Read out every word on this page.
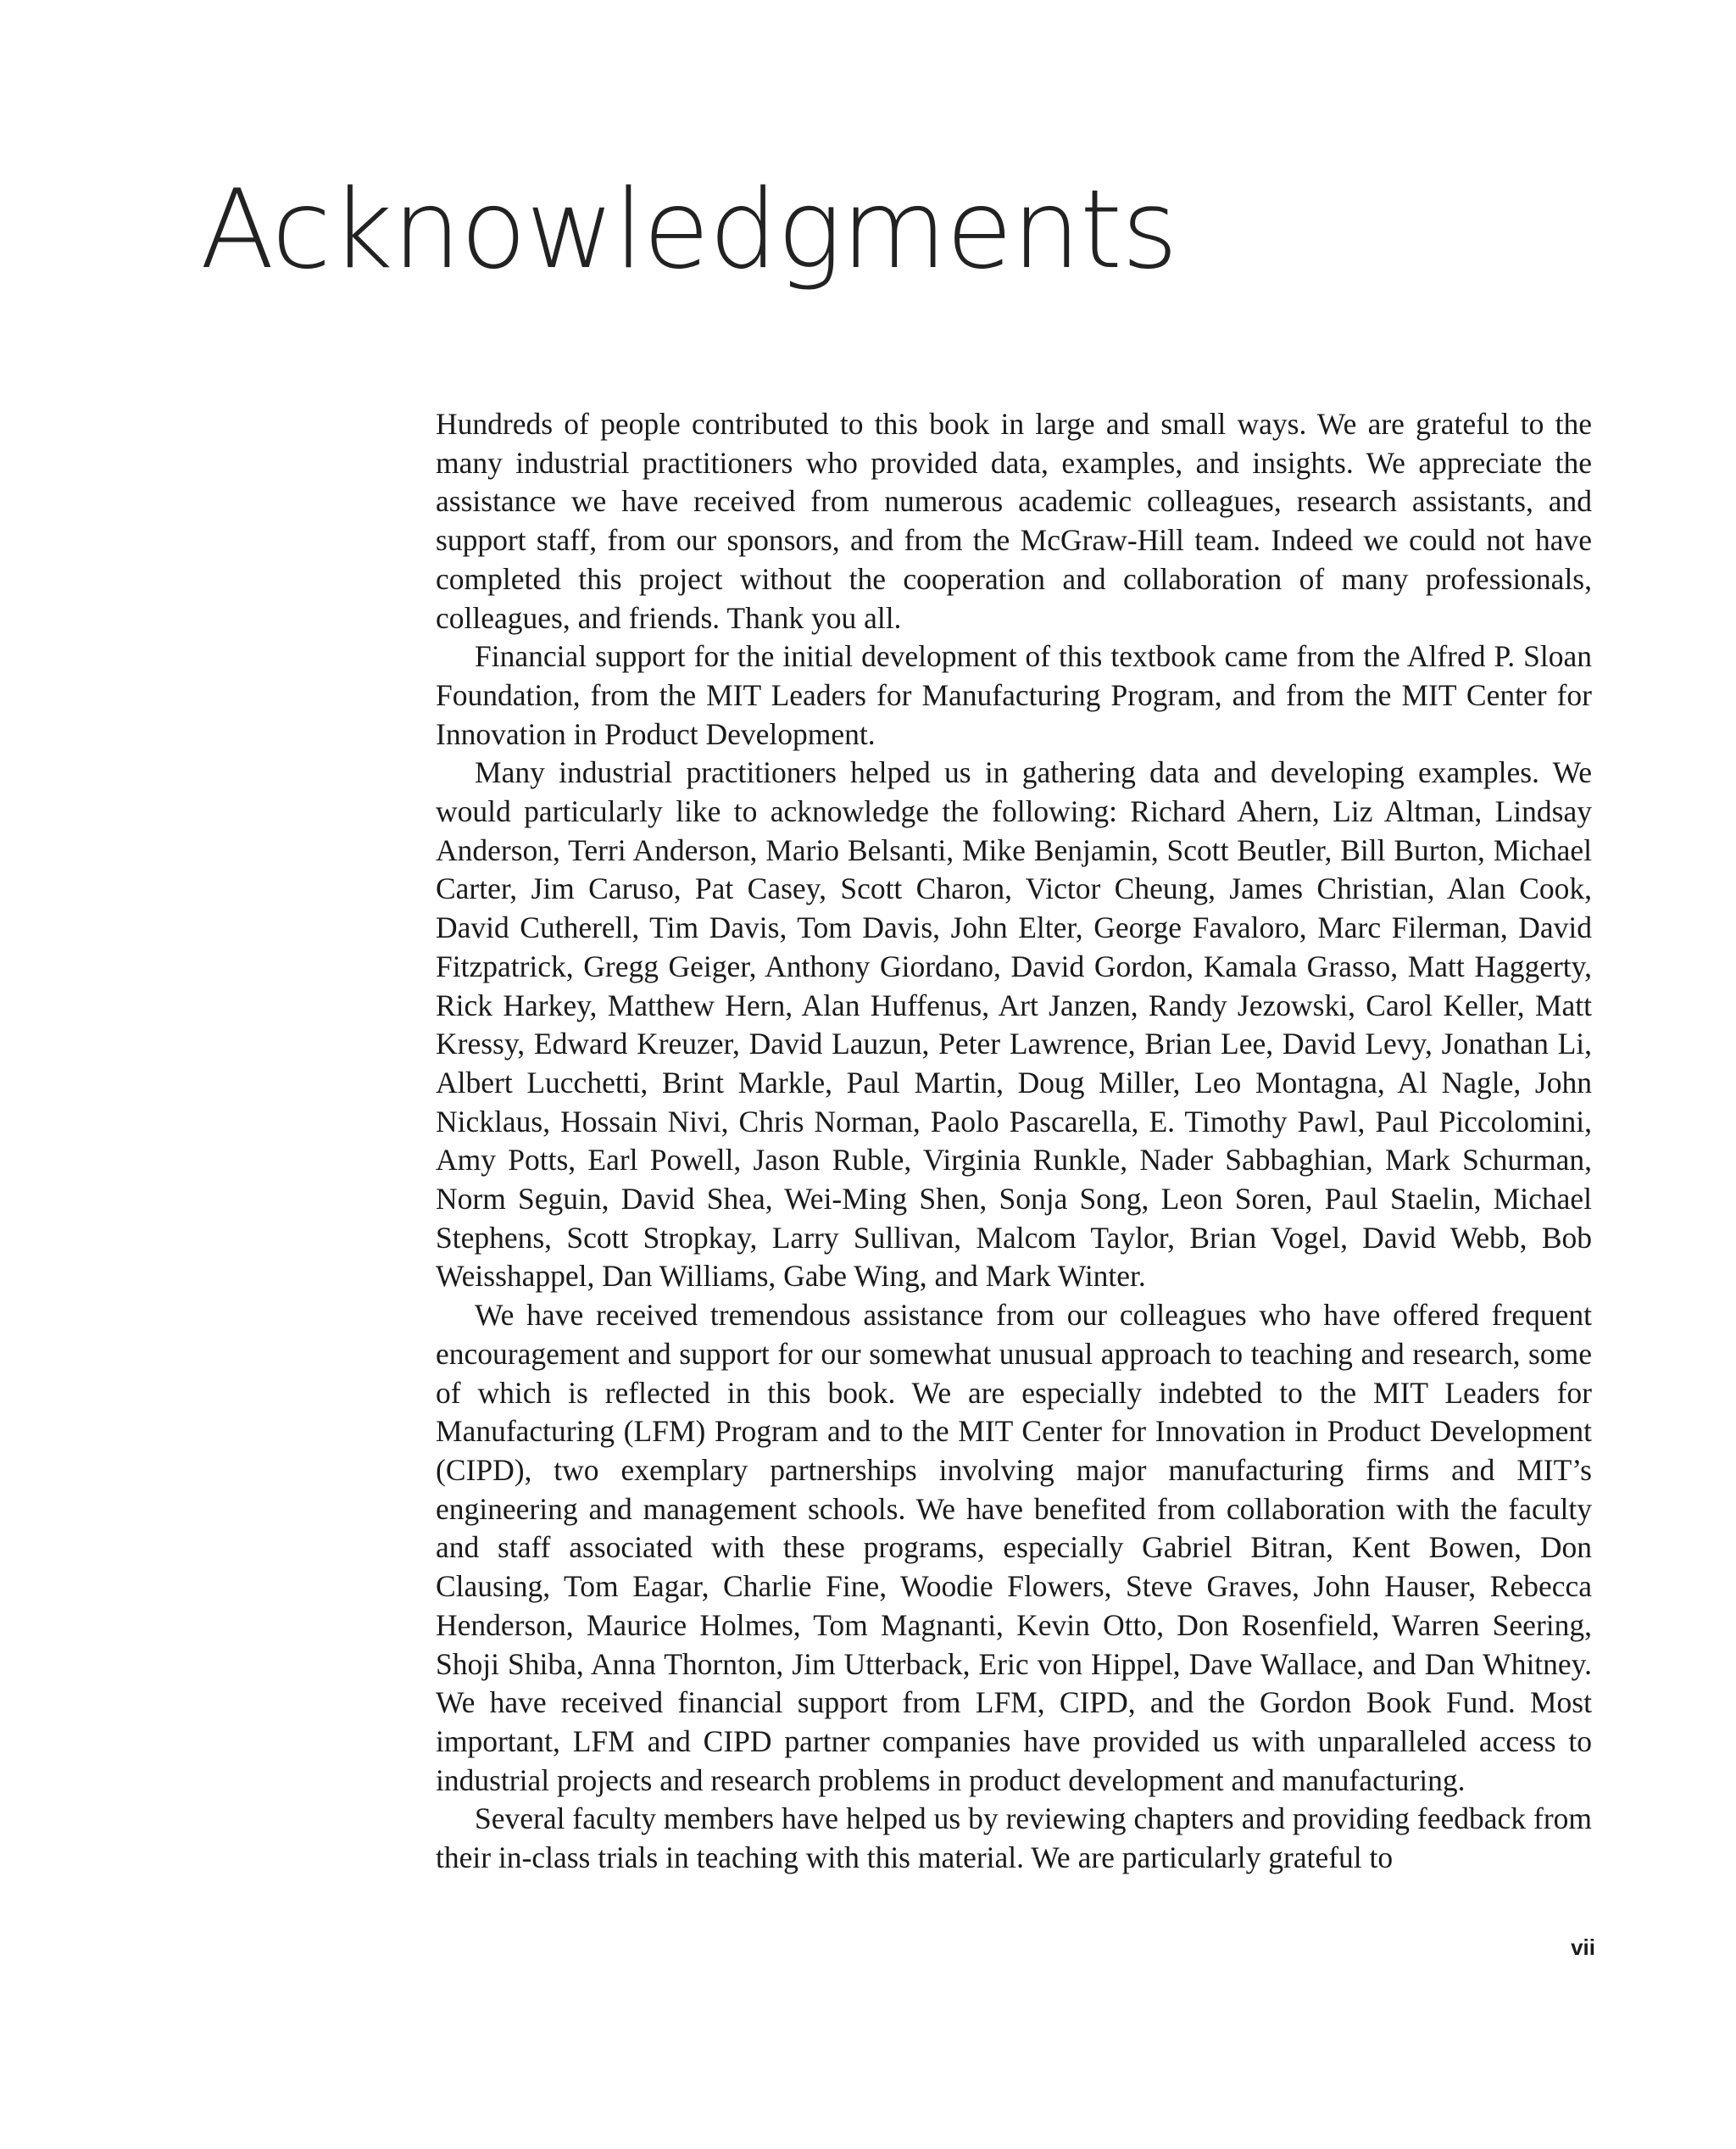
Acknowledgments

Hundreds of people contributed to this book in large and small ways. We are grateful to the many industrial practitioners who provided data, examples, and insights. We appreciate the assistance we have received from numerous academic colleagues, research assistants, and support staff, from our sponsors, and from the McGraw-Hill team. Indeed we could not have completed this project without the cooperation and collaboration of many professionals, colleagues, and friends. Thank you all.

Financial support for the initial development of this textbook came from the Alfred P. Sloan Foundation, from the MIT Leaders for Manufacturing Program, and from the MIT Center for Innovation in Product Development.

Many industrial practitioners helped us in gathering data and developing examples. We would particularly like to acknowledge the following: Richard Ahern, Liz Altman, Lindsay Anderson, Terri Anderson, Mario Belsanti, Mike Benjamin, Scott Beutler, Bill Burton, Michael Carter, Jim Caruso, Pat Casey, Scott Charon, Victor Cheung, James Christian, Alan Cook, David Cutherell, Tim Davis, Tom Davis, John Elter, George Favaloro, Marc Filerman, David Fitzpatrick, Gregg Geiger, Anthony Giordano, David Gordon, Kamala Grasso, Matt Haggerty, Rick Harkey, Matthew Hern, Alan Huffenus, Art Janzen, Randy Jezowski, Carol Keller, Matt Kressy, Edward Kreuzer, David Lauzun, Peter Lawrence, Brian Lee, David Levy, Jonathan Li, Albert Lucchetti, Brint Markle, Paul Martin, Doug Miller, Leo Montagna, Al Nagle, John Nicklaus, Hossain Nivi, Chris Norman, Paolo Pascarella, E. Timothy Pawl, Paul Piccolomini, Amy Potts, Earl Powell, Jason Ruble, Virginia Runkle, Nader Sabbaghian, Mark Schurman, Norm Seguin, David Shea, Wei-Ming Shen, Sonja Song, Leon Soren, Paul Staelin, Michael Stephens, Scott Stropkay, Larry Sullivan, Malcom Taylor, Brian Vogel, David Webb, Bob Weisshappel, Dan Williams, Gabe Wing, and Mark Winter.

We have received tremendous assistance from our colleagues who have offered frequent encouragement and support for our somewhat unusual approach to teaching and research, some of which is reflected in this book. We are especially indebted to the MIT Leaders for Manufacturing (LFM) Program and to the MIT Center for Innovation in Product Development (CIPD), two exemplary partnerships involving major manufacturing firms and MIT’s engineering and management schools. We have benefited from collaboration with the faculty and staff associated with these programs, especially Gabriel Bitran, Kent Bowen, Don Clausing, Tom Eagar, Charlie Fine, Woodie Flowers, Steve Graves, John Hauser, Rebecca Henderson, Maurice Holmes, Tom Magnanti, Kevin Otto, Don Rosenfield, Warren Seering, Shoji Shiba, Anna Thornton, Jim Utterback, Eric von Hippel, Dave Wallace, and Dan Whitney. We have received financial support from LFM, CIPD, and the Gordon Book Fund. Most important, LFM and CIPD partner companies have provided us with unparalleled access to industrial projects and research problems in product development and manufacturing.

Several faculty members have helped us by reviewing chapters and providing feedback from their in-class trials in teaching with this material. We are particularly grateful to

vii
